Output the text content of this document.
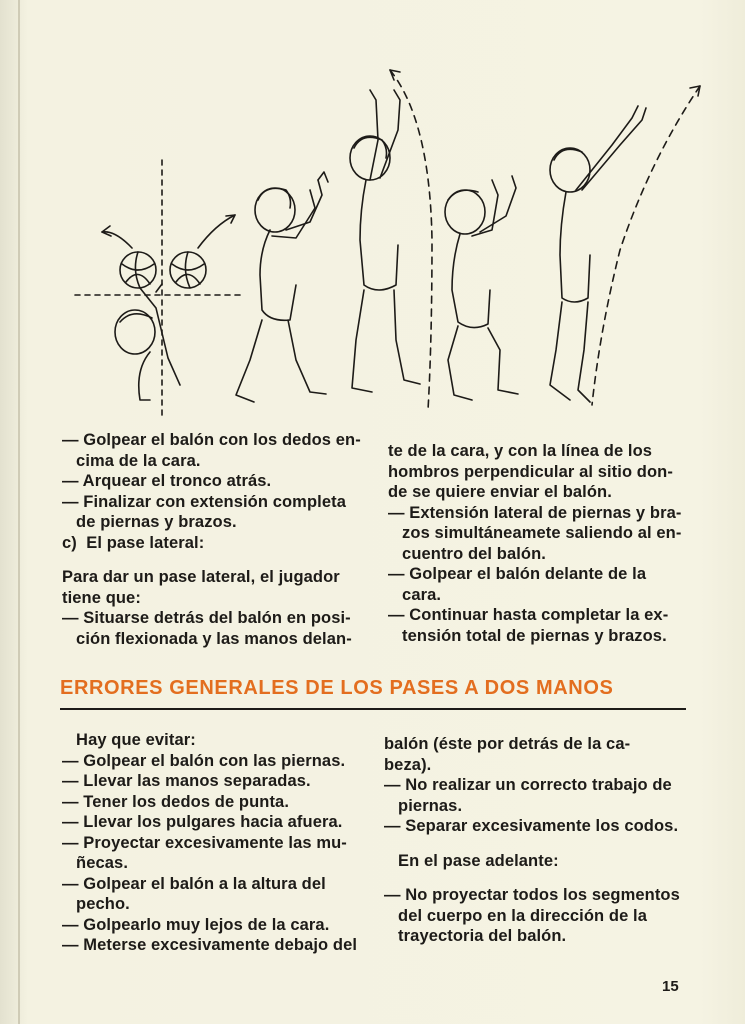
— Golpear el balón con los dedos en-
cima de la cara.
— Arquear el tronco atrás.
— Finalizar con extensión completa
de piernas y brazos.
c)  El pase lateral:
Para dar un pase lateral, el jugador
tiene que:
— Situarse detrás del balón en posi-
ción flexionada y las manos delan-
te de la cara, y con la línea de los
hombros perpendicular al sitio don-
de se quiere enviar el balón.
— Extensión lateral de piernas y bra-
zos simultáneamete saliendo al en-
cuentro del balón.
— Golpear el balón delante de la
cara.
— Continuar hasta completar la ex-
tensión total de piernas y brazos.
ERRORES GENERALES DE LOS PASES A DOS MANOS
Hay que evitar:
— Golpear el balón con las piernas.
— Llevar las manos separadas.
— Tener los dedos de punta.
— Llevar los pulgares hacia afuera.
— Proyectar excesivamente las mu-
ñecas.
— Golpear el balón a la altura del
pecho.
— Golpearlo muy lejos de la cara.
— Meterse excesivamente debajo del
balón (éste por detrás de la ca-
beza).
— No realizar un correcto trabajo de
piernas.
— Separar excesivamente los codos.
En el pase adelante:
— No proyectar todos los segmentos
del cuerpo en la dirección de la
trayectoria del balón.
15
